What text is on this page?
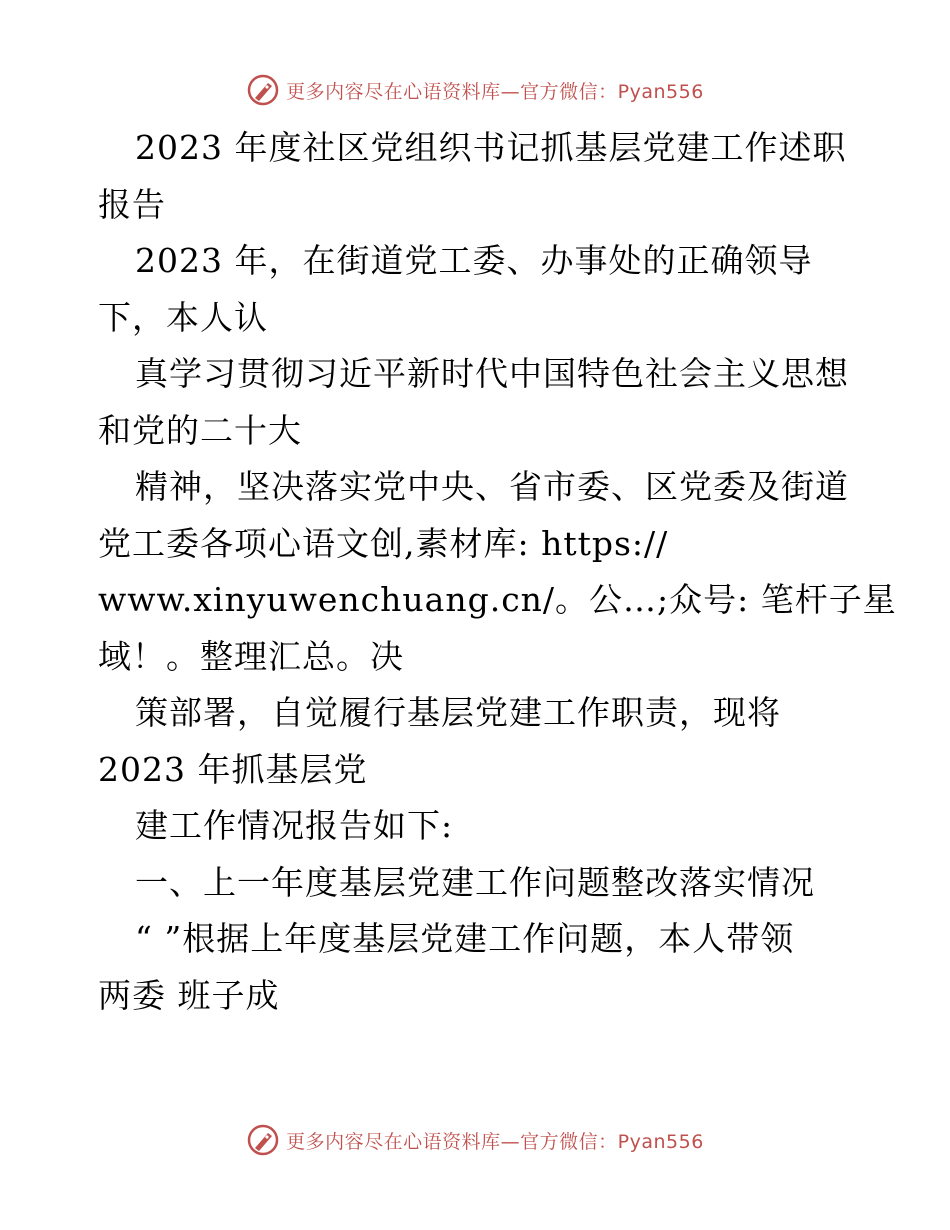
更多内容尽在心语资料库—官方微信：Pyan556
2023 年度社区党组织书记抓基层党建工作述职
报告
2023 年，在街道党工委、办事处的正确领导
下，本人认
真学习贯彻习近平新时代中国特色社会主义思想
和党的二十大
精神，坚决落实党中央、省市委、区党委及街道
党工委各项心语文创,素材库: https://
www.xinyuwenchuang.cn/。公…;众号: 笔杆子星
域！。整理汇总。决
策部署，自觉履行基层党建工作职责，现将
2023 年抓基层党
建工作情况报告如下:
一、上一年度基层党建工作问题整改落实情况
“ ”根据上年度基层党建工作问题，本人带领
两委 班子成
更多内容尽在心语资料库—官方微信：Pyan556
